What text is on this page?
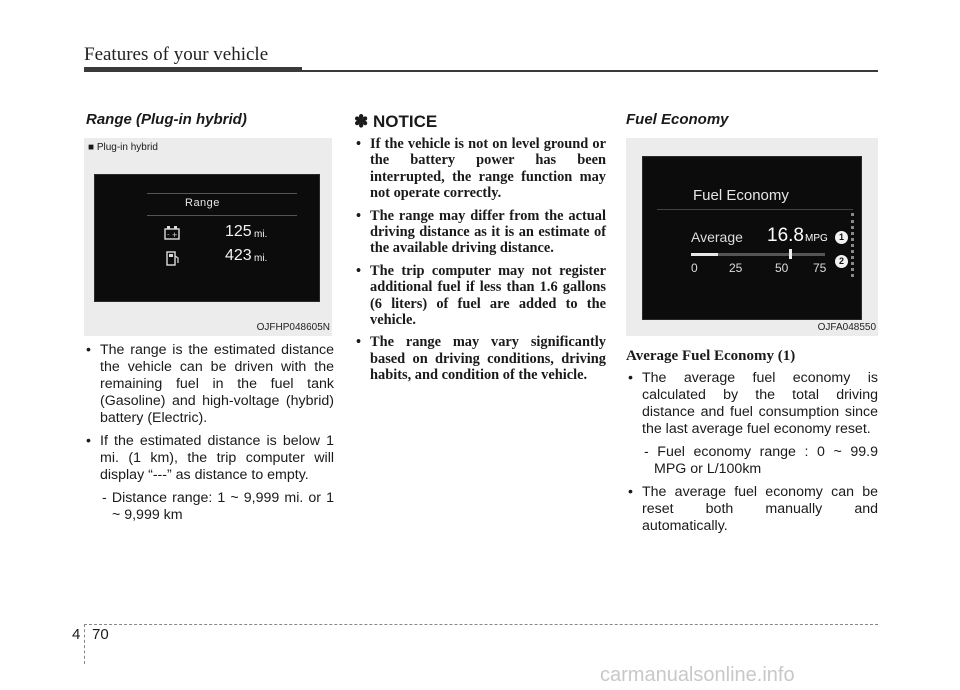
Features of your vehicle
Range (Plug-in hybrid)
■ Plug-in hybrid
Range
- +	125 mi.
423 mi.
OJFHP048605N
• The range is the estimated distance the vehicle can be driven with the remaining fuel in the fuel tank (Gasoline) and high-voltage (hybrid) battery (Electric).
• If the estimated distance is below 1 mi. (1 km), the trip computer will display “---” as distance to empty.
- Distance range: 1 ~ 9,999 mi. or 1 ~ 9,999 km
✽ NOTICE
• If the vehicle is not on level ground or the battery power has been interrupted, the range function may not operate correctly.
• The range may differ from the actual driving distance as it is an estimate of the available driving distance.
• The trip computer may not register additional fuel if less than 1.6 gallons (6 liters) of fuel are added to the vehicle.
• The range may vary significantly based on driving conditions, driving habits, and condition of the vehicle.
Fuel Economy
Fuel Economy
Average 16.8 MPG	1
0	25	50 75	2
OJFA048550
Average Fuel Economy (1)
• The average fuel economy is calculated by the total driving distance and fuel consumption since the last average fuel economy reset.
- Fuel economy range : 0 ~ 99.9 MPG or L/100km
• The average fuel economy can be reset both manually and automatically.
4 70
carmanualsonline.info
